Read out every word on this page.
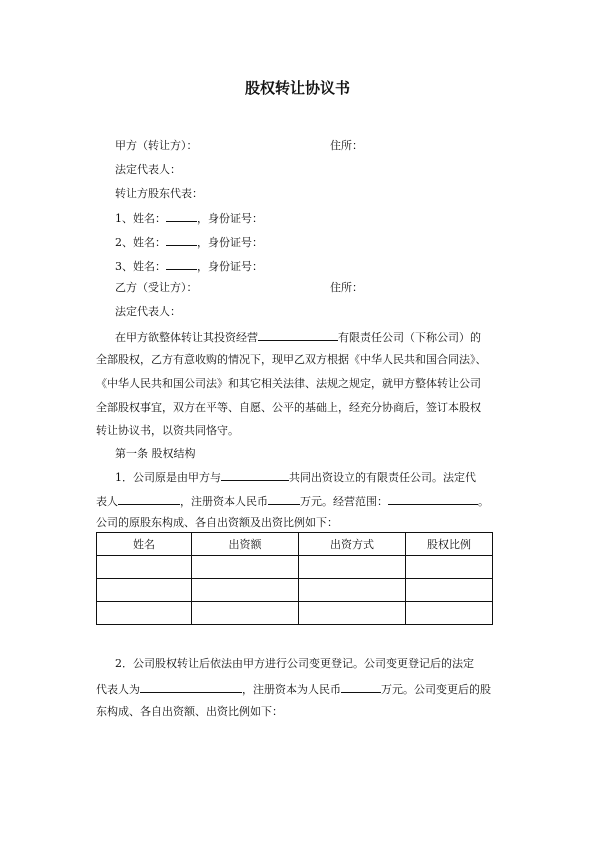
股权转让协议书
甲方（转让方）：	住所：
法定代表人：
转让方股东代表：
1、姓名：	，身份证号：
2、姓名：	，身份证号：
3、姓名：	，身份证号：
乙方（受让方）：	住所：
法定代表人：
在甲方欲整体转让其投资经营	有限责任公司（下称公司）的
全部股权，乙方有意收购的情况下，现甲乙双方根据《中华人民共和国合同法》、
《中华人民共和国公司法》和其它相关法律、法规之规定，就甲方整体转让公司
全部股权事宜，双方在平等、自愿、公平的基础上，经充分协商后，签订本股权
转让协议书，以资共同恪守。
第一条 股权结构
1．公司原是由甲方与	共同出资设立的有限责任公司。法定代
表人	，注册资本人民币	万元。经营范围：	。
公司的原股东构成、各自出资额及出资比例如下：
姓名	出资额	出资方式	股权比例

2．公司股权转让后依法由甲方进行公司变更登记。公司变更登记后的法定
代表人为	，注册资本为人民币	万元。公司变更后的股
东构成、各自出资额、出资比例如下：
